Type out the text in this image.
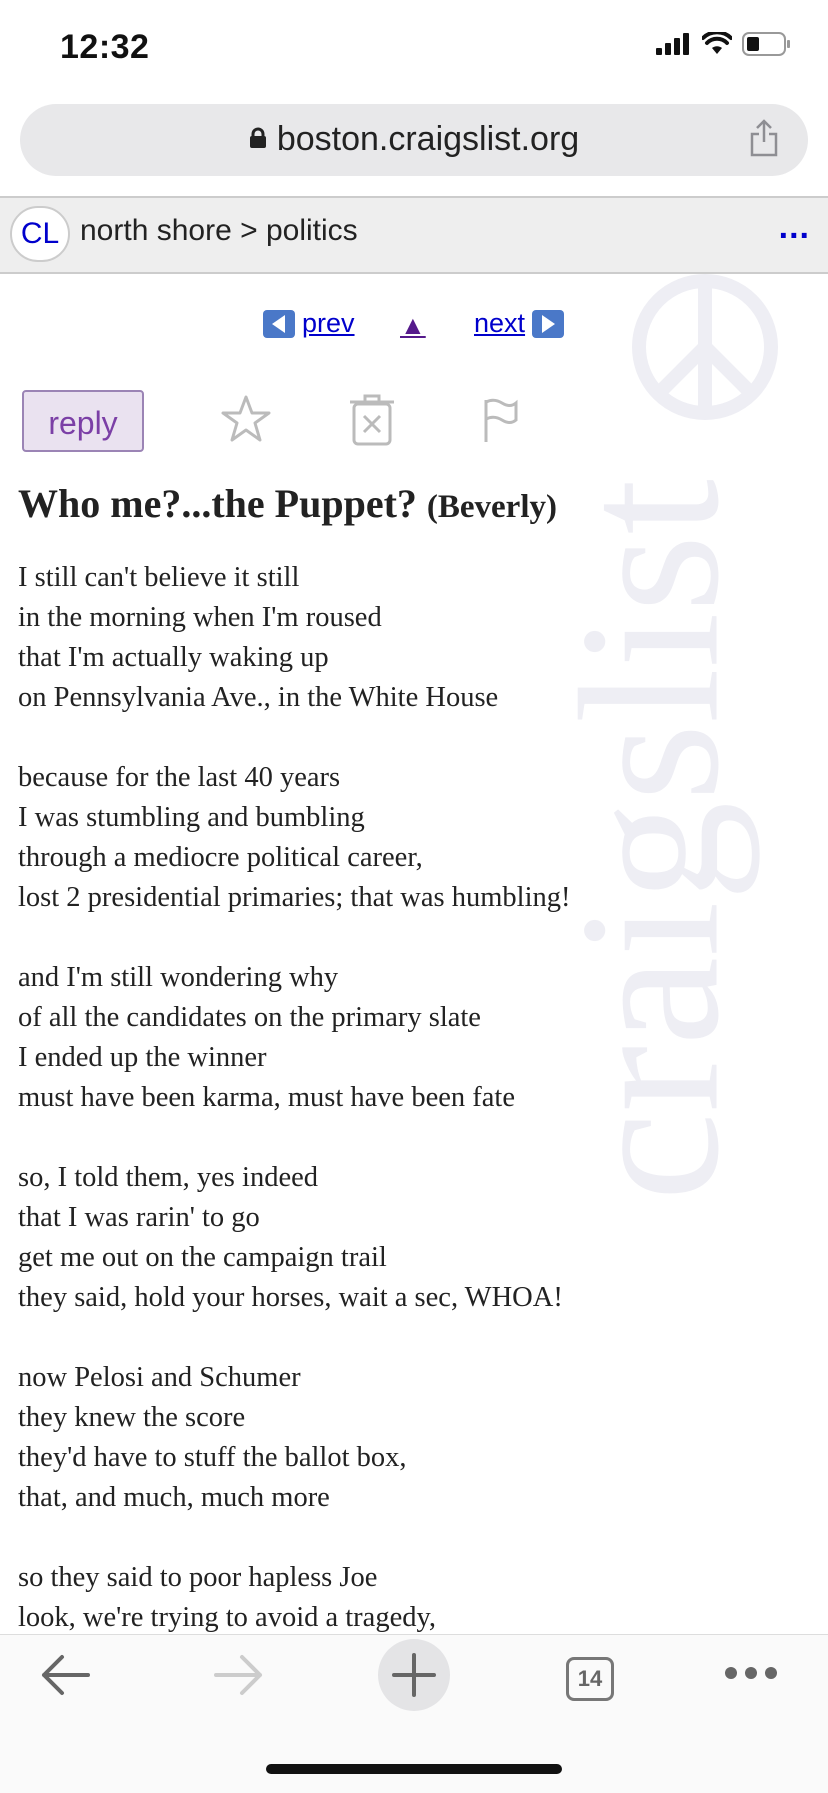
12:32
boston.craigslist.org
CL north shore > politics	...
craigslist
prev ▲ next
reply
Who me?...the Puppet? (Beverly)
I still can't believe it still
in the morning when I'm roused
that I'm actually waking up
on Pennsylvania Ave., in the White House

because for the last 40 years
I was stumbling and bumbling
through a mediocre political career,
lost 2 presidential primaries; that was humbling!

and I'm still wondering why
of all the candidates on the primary slate
I ended up the winner
must have been karma, must have been fate

so, I told them, yes indeed
that I was rarin' to go
get me out on the campaign trail
they said, hold your horses, wait a sec, WHOA!

now Pelosi and Schumer
they knew the score
they'd have to stuff the ballot box,
that, and much, much more

so they said to poor hapless Joe
look, we're trying to avoid a tragedy,
14
